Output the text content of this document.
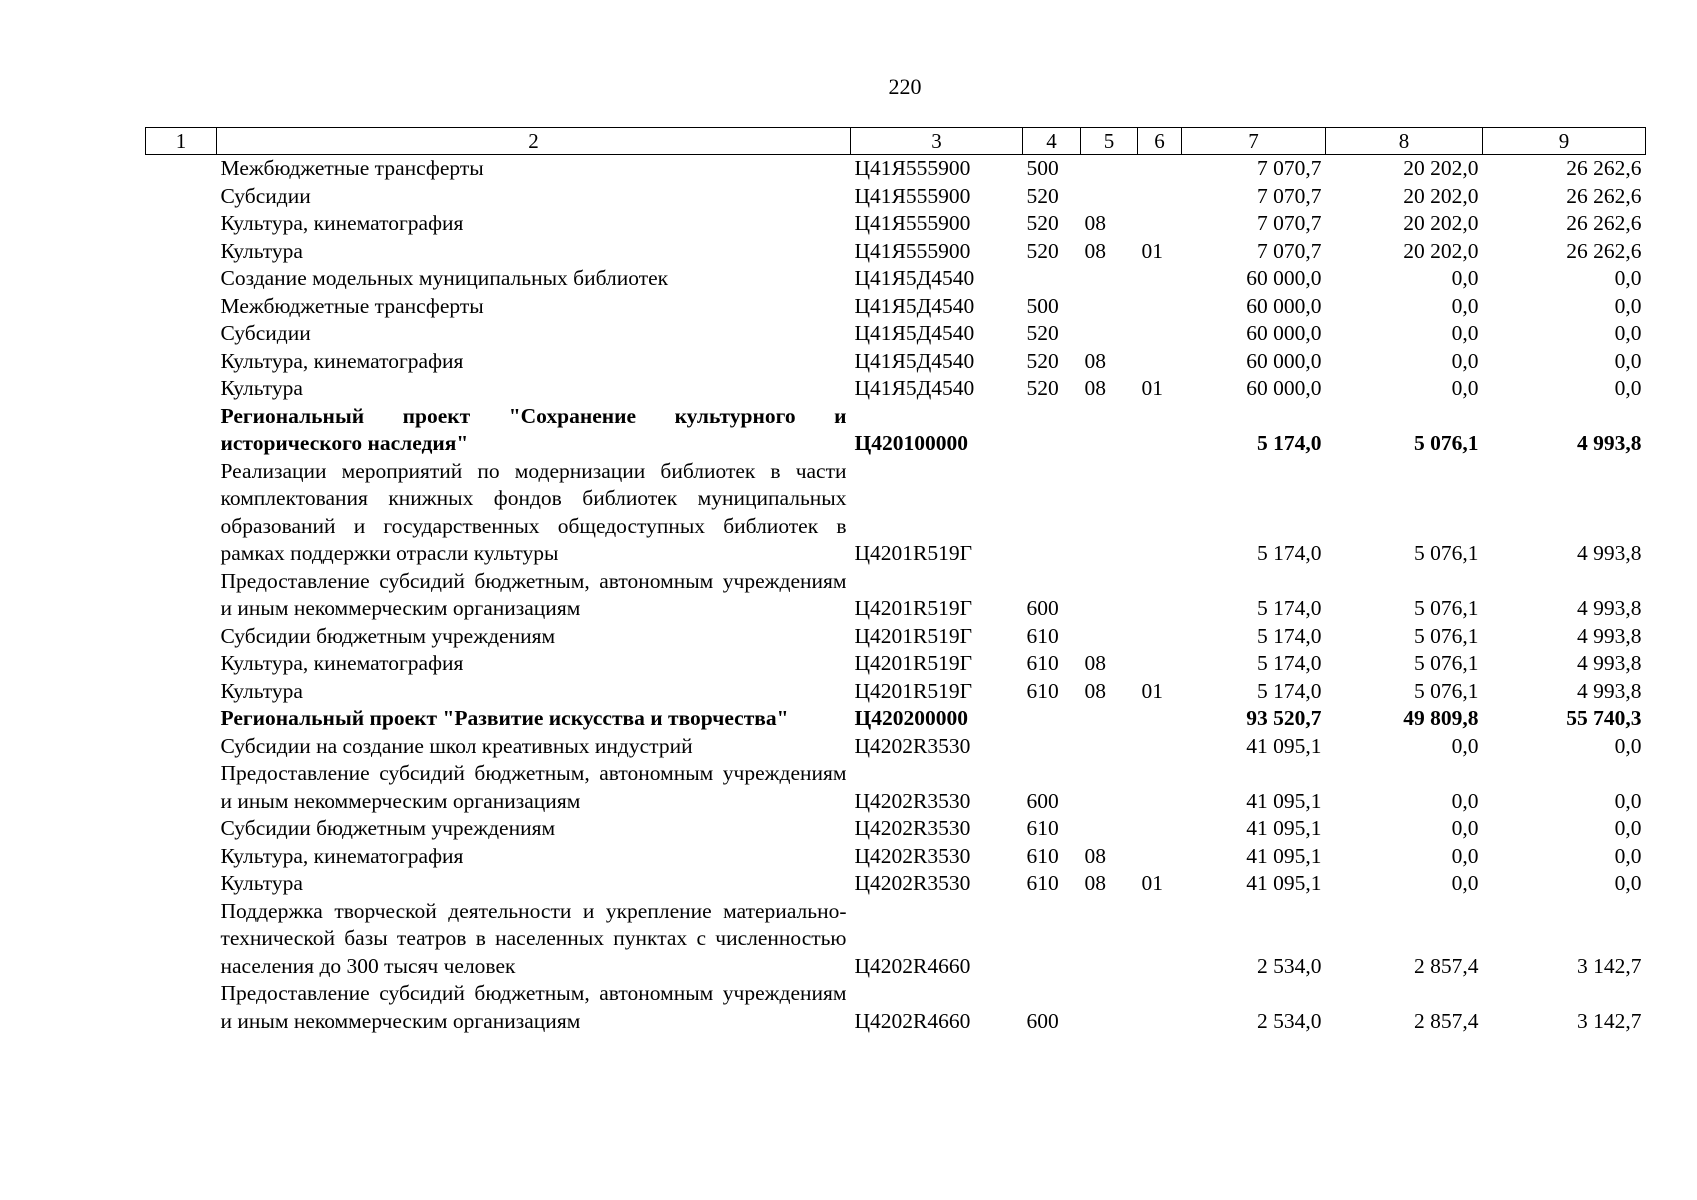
220
1	2	3	4	5	6	7	8	9
	Межбюджетные трансферты	Ц41Я555900	500			7 070,7	20 202,0	26 262,6
	Субсидии	Ц41Я555900	520			7 070,7	20 202,0	26 262,6
	Культура, кинематография	Ц41Я555900	520	08		7 070,7	20 202,0	26 262,6
	Культура	Ц41Я555900	520	08	01	7 070,7	20 202,0	26 262,6
	Создание модельных муниципальных библиотек	Ц41Я5Д4540				60 000,0	0,0	0,0
	Межбюджетные трансферты	Ц41Я5Д4540	500			60 000,0	0,0	0,0
	Субсидии	Ц41Я5Д4540	520			60 000,0	0,0	0,0
	Культура, кинематография	Ц41Я5Д4540	520	08		60 000,0	0,0	0,0
	Культура	Ц41Я5Д4540	520	08	01	60 000,0	0,0	0,0
	Региональный проект "Сохранение культурного и исторического наследия"	Ц420100000				5 174,0	5 076,1	4 993,8
	Реализации мероприятий по модернизации библиотек в части комплектования книжных фондов библиотек муниципальных образований и государственных общедоступных библиотек в рамках поддержки отрасли культуры	Ц4201R519Г				5 174,0	5 076,1	4 993,8
	Предоставление субсидий бюджетным, автономным учреждениям и иным некоммерческим организациям	Ц4201R519Г	600			5 174,0	5 076,1	4 993,8
	Субсидии бюджетным учреждениям	Ц4201R519Г	610			5 174,0	5 076,1	4 993,8
	Культура, кинематография	Ц4201R519Г	610	08		5 174,0	5 076,1	4 993,8
	Культура	Ц4201R519Г	610	08	01	5 174,0	5 076,1	4 993,8
	Региональный проект "Развитие искусства и творчества"	Ц420200000				93 520,7	49 809,8	55 740,3
	Субсидии на создание школ креативных индустрий	Ц4202R3530				41 095,1	0,0	0,0
	Предоставление субсидий бюджетным, автономным учреждениям и иным некоммерческим организациям	Ц4202R3530	600			41 095,1	0,0	0,0
	Субсидии бюджетным учреждениям	Ц4202R3530	610			41 095,1	0,0	0,0
	Культура, кинематография	Ц4202R3530	610	08		41 095,1	0,0	0,0
	Культура	Ц4202R3530	610	08	01	41 095,1	0,0	0,0
	Поддержка творческой деятельности и укрепление материально-технической базы театров в населенных пунктах с численностью населения до 300 тысяч человек	Ц4202R4660				2 534,0	2 857,4	3 142,7
	Предоставление субсидий бюджетным, автономным учреждениям и иным некоммерческим организациям	Ц4202R4660	600			2 534,0	2 857,4	3 142,7
